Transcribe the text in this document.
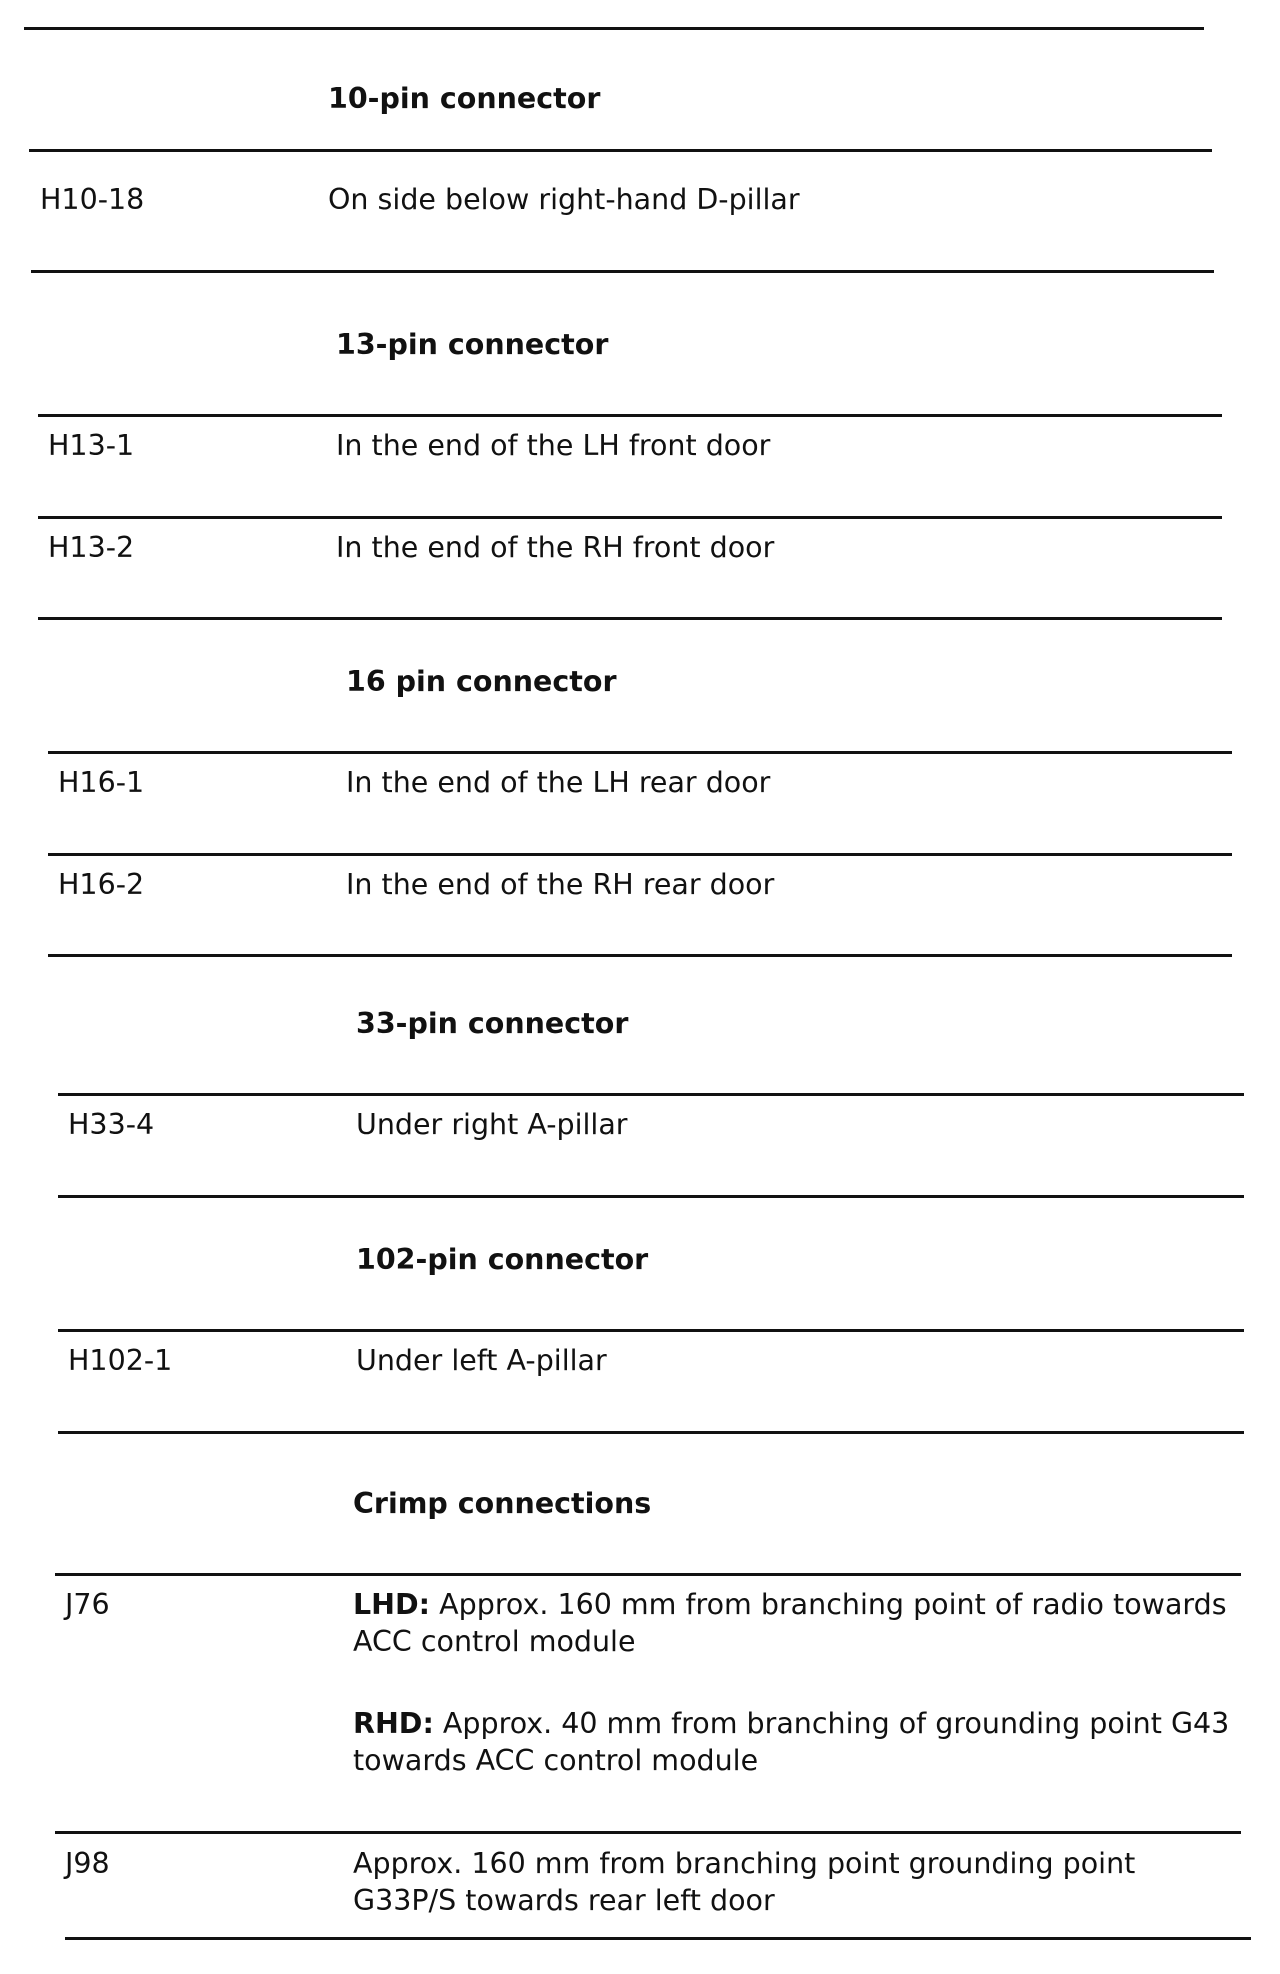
10-pin connector
H10-18	On side below right-hand D-pillar
13-pin connector
H13-1	In the end of the LH front door
H13-2	In the end of the RH front door
16 pin connector
H16-1	In the end of the LH rear door
H16-2	In the end of the RH rear door
33-pin connector
H33-4	Under right A-pillar
102-pin connector
H102-1	Under left A-pillar
Crimp connections
J76	LHD: Approx. 160 mm from branching point of radio towards ACC control module
RHD: Approx. 40 mm from branching of grounding point G43 towards ACC control module
J98	Approx. 160 mm from branching point grounding point G33P/S towards rear left door
